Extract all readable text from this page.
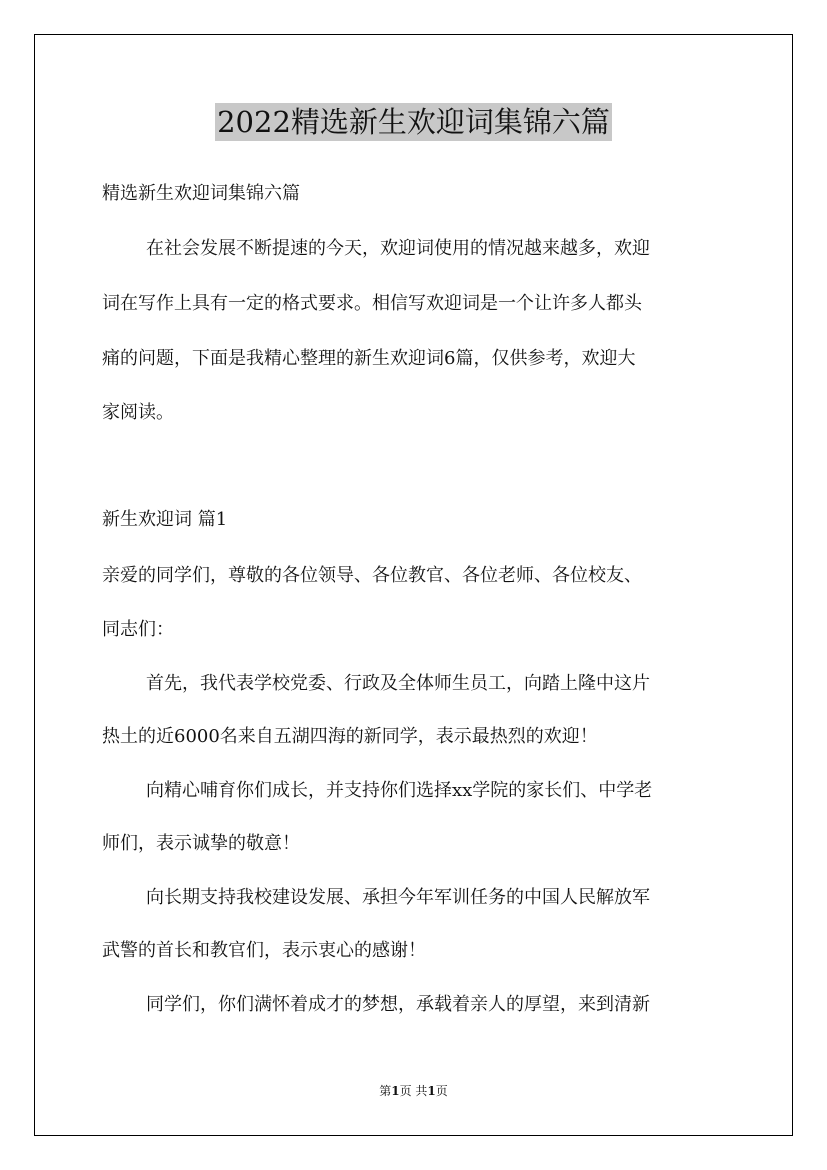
2022精选新生欢迎词集锦六篇
精选新生欢迎词集锦六篇
在社会发展不断提速的今天，欢迎词使用的情况越来越多，欢迎
词在写作上具有一定的格式要求。相信写欢迎词是一个让许多人都头
痛的问题，下面是我精心整理的新生欢迎词6篇，仅供参考，欢迎大
家阅读。
新生欢迎词 篇1
亲爱的同学们，尊敬的各位领导、各位教官、各位老师、各位校友、
同志们：
首先，我代表学校党委、行政及全体师生员工，向踏上隆中这片
热土的近6000名来自五湖四海的新同学，表示最热烈的欢迎！
向精心哺育你们成长，并支持你们选择xx学院的家长们、中学老
师们，表示诚挚的敬意！
向长期支持我校建设发展、承担今年军训任务的中国人民解放军
武警的首长和教官们，表示衷心的感谢！
同学们，你们满怀着成才的梦想，承载着亲人的厚望，来到清新
第1页 共1页
